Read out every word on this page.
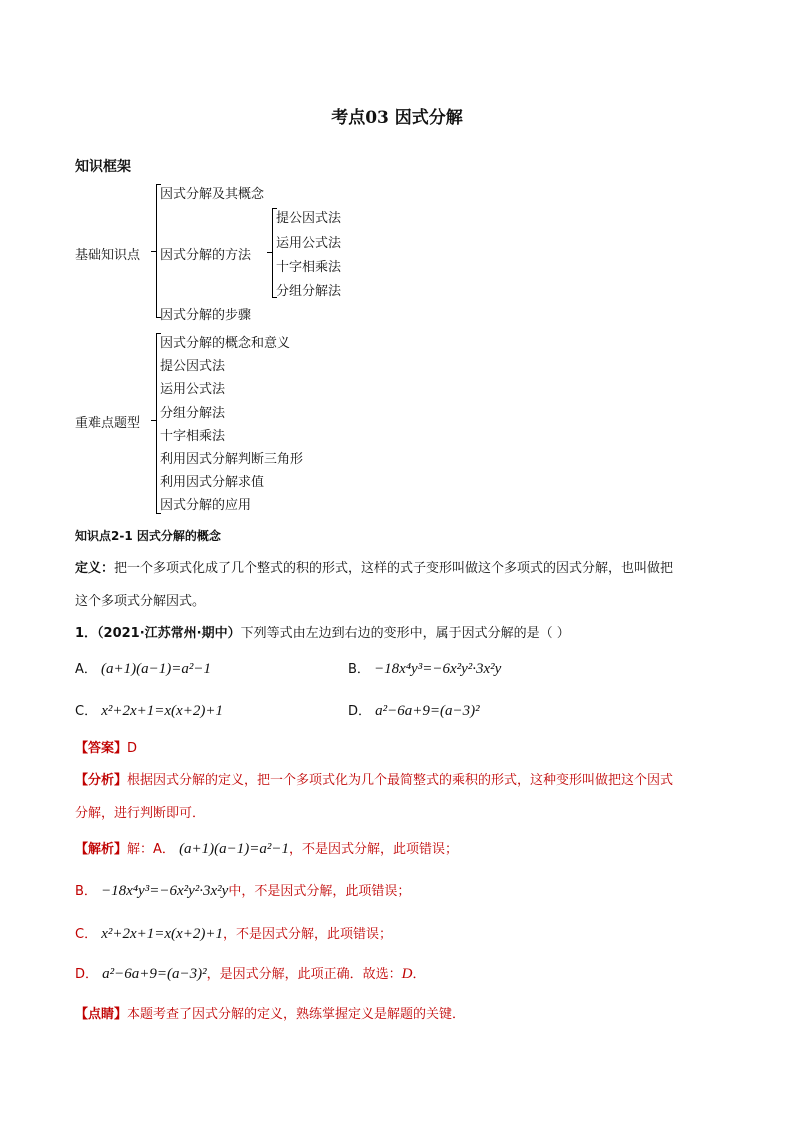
考点03 因式分解
知识框架
基础知识点
因式分解及其概念
因式分解的方法
因式分解的步骤
提公因式法
运用公式法
十字相乘法
分组分解法
重难点题型
因式分解的概念和意义
提公因式法
运用公式法
分组分解法
十字相乘法
利用因式分解判断三角形
利用因式分解求值
因式分解的应用
知识点2-1 因式分解的概念
定义：把一个多项式化成了几个整式的积的形式，这样的式子变形叫做这个多项式的因式分解，也叫做把
这个多项式分解因式。
1．（2021·江苏常州·期中）下列等式由左边到右边的变形中，属于因式分解的是（ ）
A． (a+1)(a−1)=a²−1	B． −18x⁴y³=−6x²y²·3x²y
C． x²+2x+1=x(x+2)+1	D． a²−6a+9=(a−3)²
【答案】D
【分析】根据因式分解的定义，把一个多项式化为几个最简整式的乘积的形式，这种变形叫做把这个因式
分解，进行判断即可．
【解析】解：A． (a+1)(a−1)=a²−1，不是因式分解，此项错误；
B． −18x⁴y³=−6x²y²·3x²y中，不是因式分解，此项错误；
C． x²+2x+1=x(x+2)+1，不是因式分解，此项错误；
D． a²−6a+9=(a−3)²，是因式分解，此项正确．故选：D．
【点睛】本题考查了因式分解的定义，熟练掌握定义是解题的关键．
